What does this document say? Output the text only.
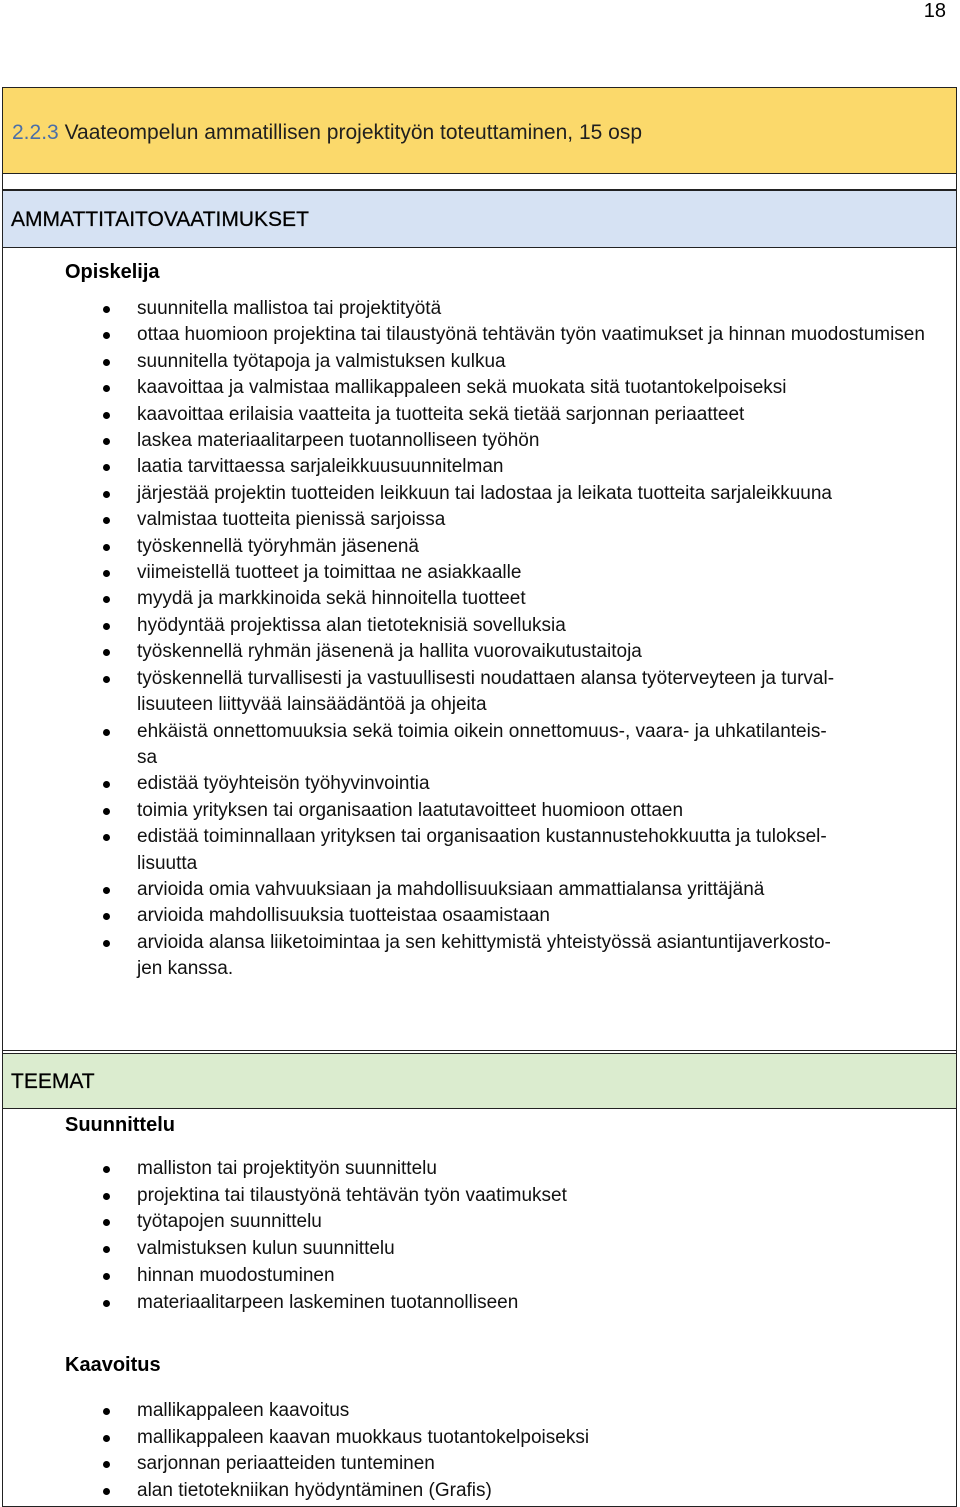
18
2.2.3 Vaateompelun ammatillisen projektityön toteuttaminen, 15 osp
AMMATTITAITOVAATIMUKSET
Opiskelija
suunnitella mallistoa tai projektityötä
ottaa huomioon projektina tai tilaustyönä tehtävän työn vaatimukset ja hinnan muodostumisen
suunnitella työtapoja ja valmistuksen kulkua
kaavoittaa ja valmistaa mallikappaleen sekä muokata sitä tuotantokelpoiseksi
kaavoittaa erilaisia vaatteita ja tuotteita sekä tietää sarjonnan periaatteet
laskea materiaalitarpeen tuotannolliseen työhön
laatia tarvittaessa sarjaleikkuusuunnitelman
järjestää projektin tuotteiden leikkuun tai ladostaa ja leikata tuotteita sarjaleikkuuna
valmistaa tuotteita pienissä sarjoissa
työskennellä työryhmän jäsenenä
viimeistellä tuotteet ja toimittaa ne asiakkaalle
myydä ja markkinoida sekä hinnoitella tuotteet
hyödyntää projektissa alan tietoteknisiä sovelluksia
työskennellä ryhmän jäsenenä ja hallita vuorovaikutustaitoja
työskennellä turvallisesti ja vastuullisesti noudattaen alansa työterveyteen ja turval-
lisuuteen liittyvää lainsäädäntöä ja ohjeita
ehkäistä onnettomuuksia sekä toimia oikein onnettomuus-, vaara- ja uhkatilanteis-
sa
edistää työyhteisön työhyvinvointia
toimia yrityksen tai organisaation laatutavoitteet huomioon ottaen
edistää toiminnallaan yrityksen tai organisaation kustannustehokkuutta ja tuloksel-
lisuutta
arvioida omia vahvuuksiaan ja mahdollisuuksiaan ammattialansa yrittäjänä
arvioida mahdollisuuksia tuotteistaa osaamistaan
arvioida alansa liiketoimintaa ja sen kehittymistä yhteistyössä asiantuntijaverkosto-
jen kanssa.
TEEMAT
Suunnittelu
malliston tai projektityön suunnittelu
projektina tai tilaustyönä tehtävän työn vaatimukset
työtapojen suunnittelu
valmistuksen kulun suunnittelu
hinnan muodostuminen
materiaalitarpeen laskeminen tuotannolliseen
Kaavoitus
mallikappaleen kaavoitus
mallikappaleen kaavan muokkaus tuotantokelpoiseksi
sarjonnan periaatteiden tunteminen
alan tietotekniikan hyödyntäminen (Grafis)
